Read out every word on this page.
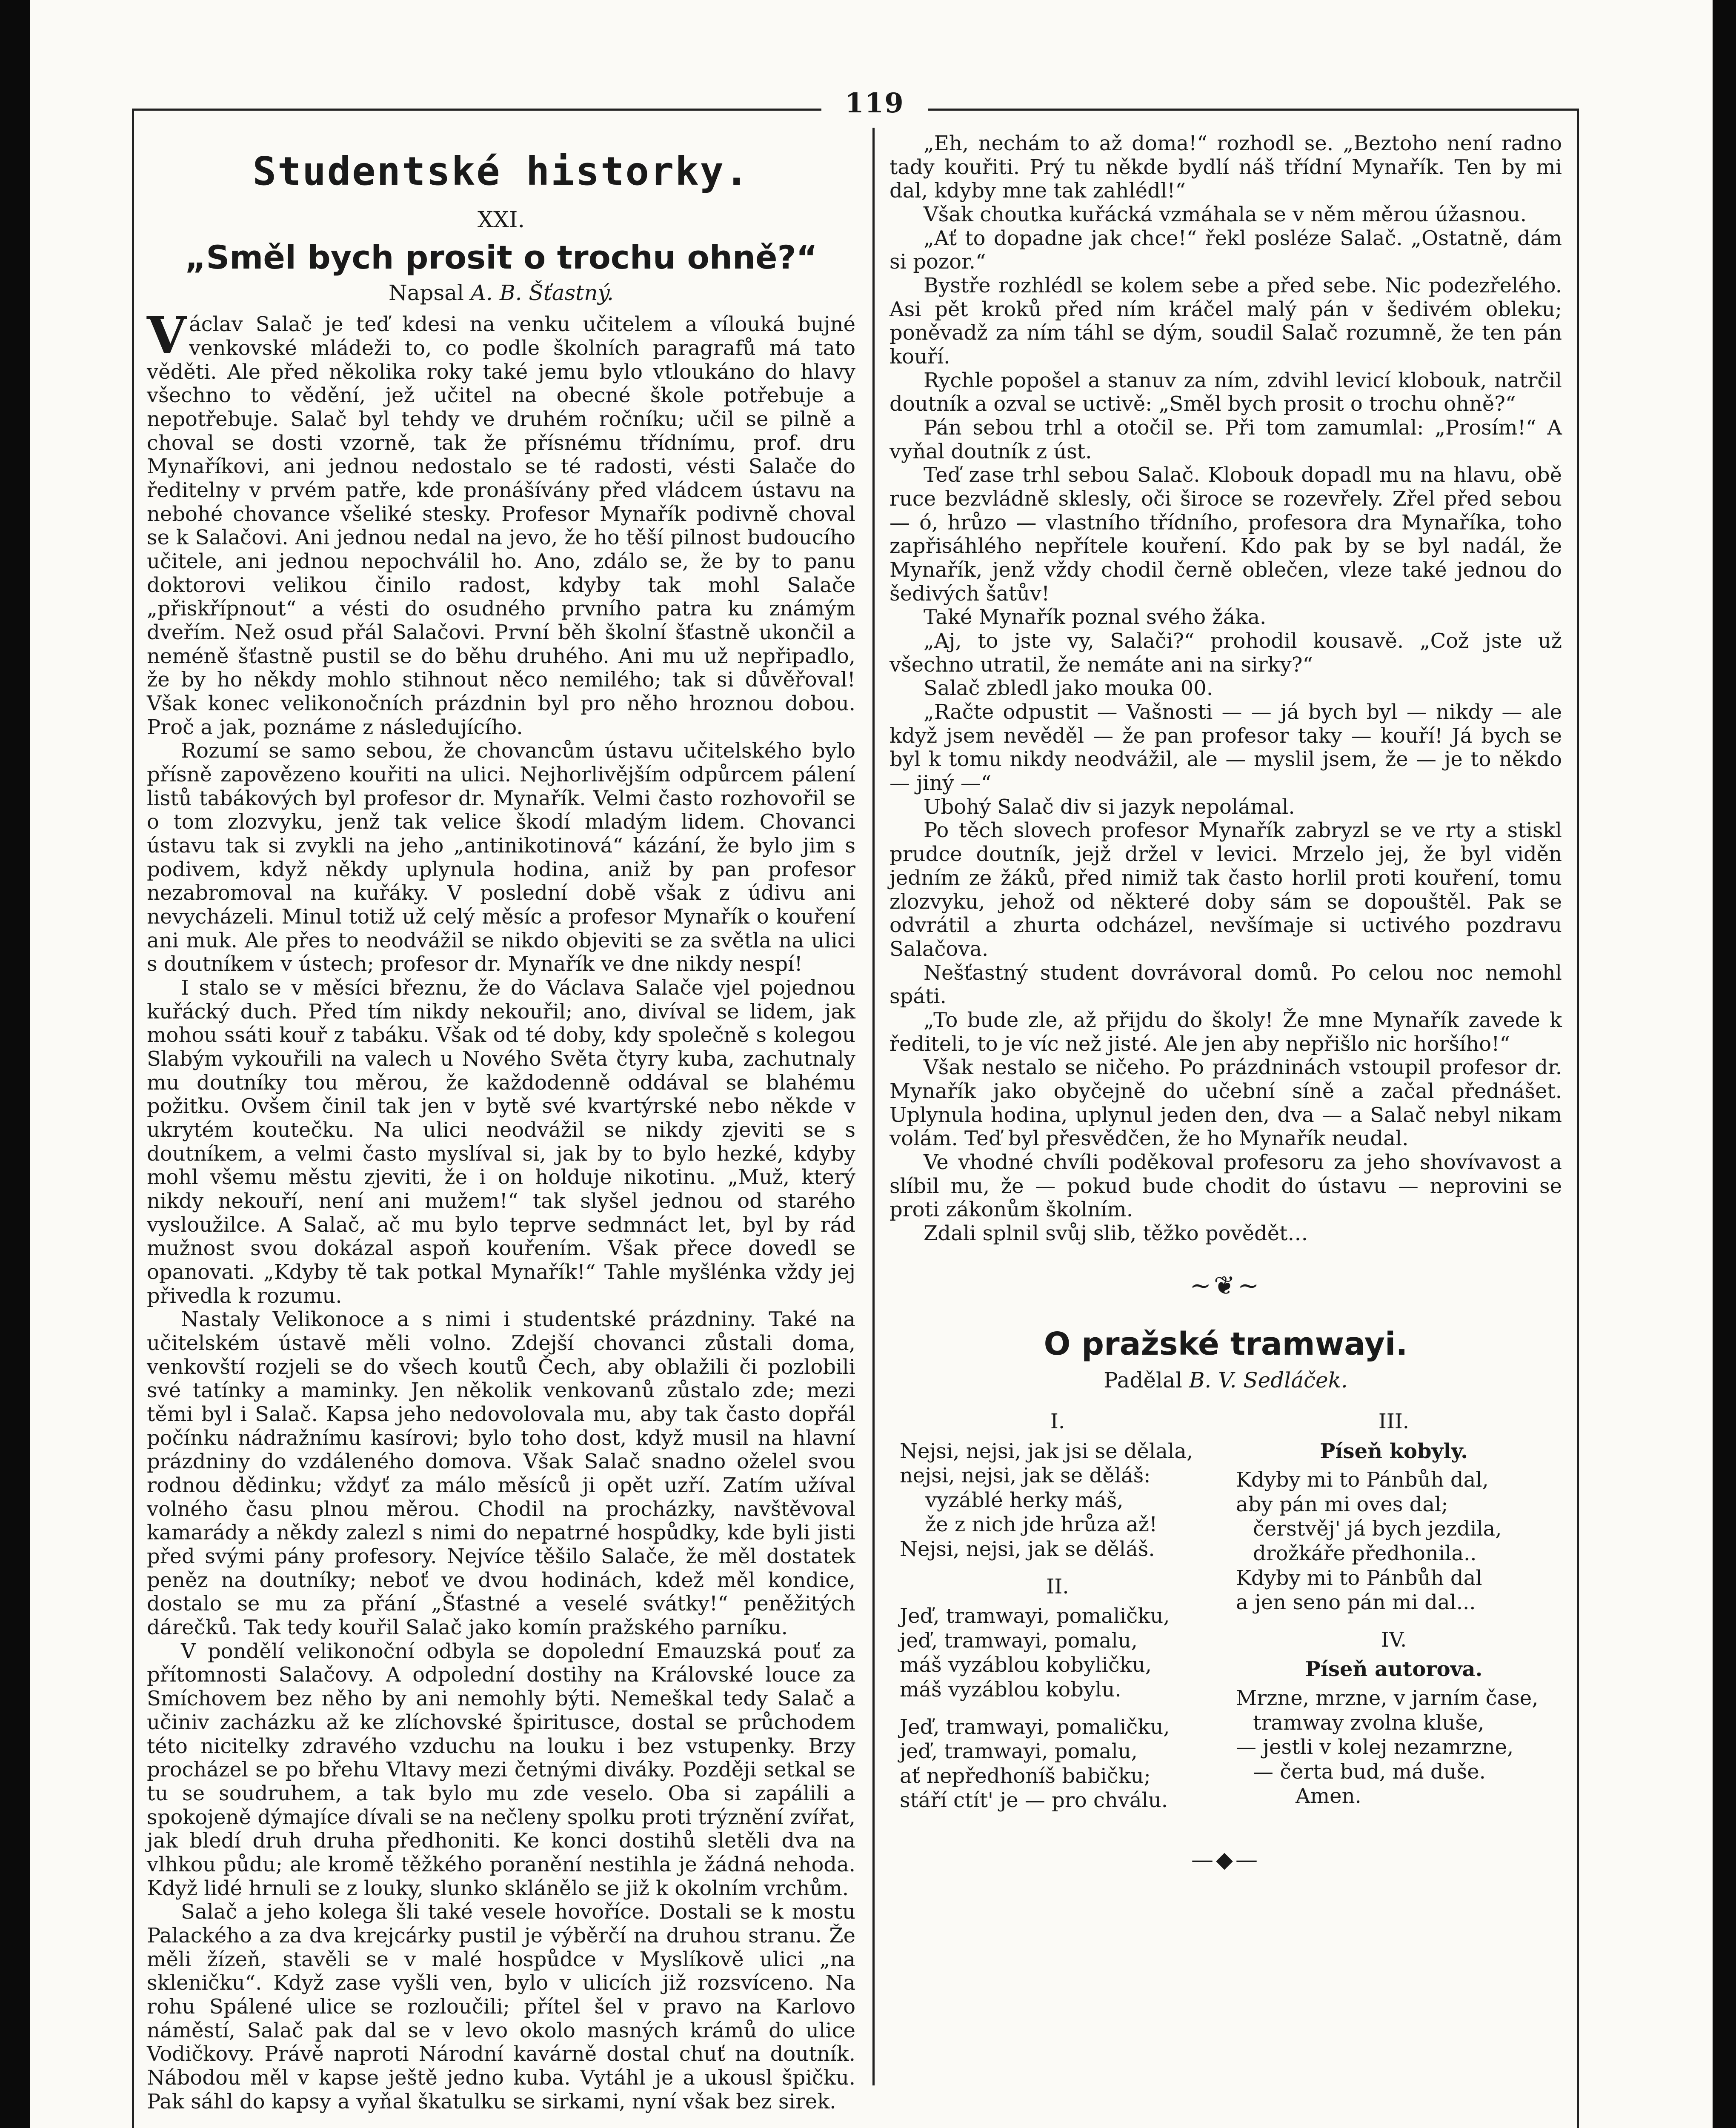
119
Studentské historky.
XXI.
„Směl bych prosit o trochu ohně?“
Napsal A. B. Šťastný.

Václav Salač je teď kdesi na venku učitelem a vílouká bujné venkovské mládeži to, co podle školních paragrafů má tato věděti. Ale před několika roky také jemu bylo vtloukáno do hlavy všechno to vědění, jež učitel na obecné škole potřebuje a nepotřebuje. Salač byl tehdy ve druhém ročníku; učil se pilně a choval se dosti vzorně, tak že přísnému třídnímu, prof. dru Mynaříkovi, ani jednou nedostalo se té radosti, vésti Salače do ředitelny v prvém patře, kde pronášívány před vládcem ústavu na nebohé chovance všeliké stesky. Profesor Mynařík podivně choval se k Salačovi. Ani jednou nedal na jevo, že ho těší pilnost budoucího učitele, ani jednou nepochválil ho. Ano, zdálo se, že by to panu doktorovi velikou činilo radost, kdyby tak mohl Salače „přiskřípnout“ a vésti do osudného prvního patra ku známým dveřím. Než osud přál Salačovi. První běh školní šťastně ukončil a neméně šťastně pustil se do běhu druhého. Ani mu už nepřipadlo, že by ho někdy mohlo stihnout něco nemilého; tak si důvěřoval! Však konec velikonočních prázdnin byl pro něho hroznou dobou. Proč a jak, poznáme z následujícího.

Rozumí se samo sebou, že chovancům ústavu učitelského bylo přísně zapovězeno kouřiti na ulici. Nejhorlivějším odpůrcem pálení listů tabákových byl profesor dr. Mynařík. Velmi často rozhovořil se o tom zlozvyku, jenž tak velice škodí mladým lidem. Chovanci ústavu tak si zvykli na jeho „antinikotinová“ kázání, že bylo jim s podivem, když někdy uplynula hodina, aniž by pan profesor nezabromoval na kuřáky. V poslední době však z údivu ani nevycházeli. Minul totiž už celý měsíc a profesor Mynařík o kouření ani muk. Ale přes to neodvážil se nikdo objeviti se za světla na ulici s doutníkem v ústech; profesor dr. Mynařík ve dne nikdy nespí!

I stalo se v měsíci březnu, že do Václava Salače vjel pojednou kuřácký duch. Před tím nikdy nekouřil; ano, divíval se lidem, jak mohou ssáti kouř z tabáku. Však od té doby, kdy společně s kolegou Slabým vykouřili na valech u Nového Světa čtyry kuba, zachutnaly mu doutníky tou měrou, že každodenně oddával se blahému požitku. Ovšem činil tak jen v bytě své kvartýrské nebo někde v ukrytém koutečku. Na ulici neodvážil se nikdy zjeviti se s doutníkem, a velmi často myslíval si, jak by to bylo hezké, kdyby mohl všemu městu zjeviti, že i on holduje nikotinu. „Muž, který nikdy nekouří, není ani mužem!“ tak slyšel jednou od starého vysloužilce. A Salač, ač mu bylo teprve sedmnáct let, byl by rád mužnost svou dokázal aspoň kouřením. Však přece dovedl se opanovati. „Kdyby tě tak potkal Mynařík!“ Tahle myšlénka vždy jej přivedla k rozumu.

Nastaly Velikonoce a s nimi i studentské prázdniny. Také na učitelském ústavě měli volno. Zdejší chovanci zůstali doma, venkovští rozjeli se do všech koutů Čech, aby oblažili či pozlobili své tatínky a maminky. Jen několik venkovanů zůstalo zde; mezi těmi byl i Salač. Kapsa jeho nedovolovala mu, aby tak často dopřál počínku nádražnímu kasírovi; bylo toho dost, když musil na hlavní prázdniny do vzdáleného domova. Však Salač snadno oželel svou rodnou dědinku; vždyť za málo měsíců ji opět uzří. Zatím užíval volného času plnou měrou. Chodil na procházky, navštěvoval kamarády a někdy zalezl s nimi do nepatrné hospůdky, kde byli jisti před svými pány profesory. Nejvíce těšilo Salače, že měl dostatek peněz na doutníky; neboť ve dvou hodinách, kdež měl kondice, dostalo se mu za přání „Šťastné a veselé svátky!“ peněžitých dárečků. Tak tedy kouřil Salač jako komín pražského parníku.

V pondělí velikonoční odbyla se dopolední Emauzská pouť za přítomnosti Salačovy. A odpolední dostihy na Královské louce za Smíchovem bez něho by ani nemohly býti. Nemeškal tedy Salač a učiniv zacházku až ke zlíchovské špiritusce, dostal se průchodem této nicitelky zdravého vzduchu na louku i bez vstupenky. Brzy procházel se po břehu Vltavy mezi četnými diváky. Později setkal se tu se soudruhem, a tak bylo mu zde veselo. Oba si zapálili a spokojeně dýmajíce dívali se na nečleny spolku proti trýznění zvířat, jak bledí druh druha předhoniti. Ke konci dostihů sletěli dva na vlhkou půdu; ale kromě těžkého poranění nestihla je žádná nehoda. Když lidé hrnuli se z louky, slunko sklánělo se již k okolním vrchům.

Salač a jeho kolega šli také vesele hovoříce. Dostali se k mostu Palackého a za dva krejcárky pustil je výběrčí na druhou stranu. Že měli žízeň, stavěli se v malé hospůdce v Myslíkově ulici „na skleničku“. Když zase vyšli ven, bylo v ulicích již rozsvíceno. Na rohu Spálené ulice se rozloučili; přítel šel v pravo na Karlovo náměstí, Salač pak dal se v levo okolo masných krámů do ulice Vodičkovy. Právě naproti Národní kavárně dostal chuť na doutník. Nábodou měl v kapse ještě jedno kuba. Vytáhl je a ukousl špičku. Pak sáhl do kapsy a vyňal škatulku se sirkami, nyní však bez sirek.

„Eh, nechám to až doma!“ rozhodl se. „Beztoho není radno tady kouřiti. Prý tu někde bydlí náš třídní Mynařík. Ten by mi dal, kdyby mne tak zahlédl!“

Však choutka kuřácká vzmáhala se v něm měrou úžasnou.

„Ať to dopadne jak chce!“ řekl posléze Salač. „Ostatně, dám si pozor.“

Bystře rozhlédl se kolem sebe a před sebe. Nic podezřelého. Asi pět kroků před ním kráčel malý pán v šedivém obleku; poněvadž za ním táhl se dým, soudil Salač rozumně, že ten pán kouří.

Rychle popošel a stanuv za ním, zdvihl levicí klobouk, natrčil doutník a ozval se uctivě: „Směl bych prosit o trochu ohně?“

Pán sebou trhl a otočil se. Při tom zamumlal: „Prosím!“ A vyňal doutník z úst.

Teď zase trhl sebou Salač. Klobouk dopadl mu na hlavu, obě ruce bezvládně sklesly, oči široce se rozevřely. Zřel před sebou — ó, hrůzo — vlastního třídního, profesora dra Mynaříka, toho zapřisáhlého nepřítele kouření. Kdo pak by se byl nadál, že Mynařík, jenž vždy chodil černě oblečen, vleze také jednou do šedivých šatův!

Také Mynařík poznal svého žáka.

„Aj, to jste vy, Salači?“ prohodil kousavě. „Což jste už všechno utratil, že nemáte ani na sirky?“

Salač zbledl jako mouka 00.

„Račte odpustit — Vašnosti — — já bych byl — nikdy — ale když jsem nevěděl — že pan profesor taky — kouří! Já bych se byl k tomu nikdy neodvážil, ale — myslil jsem, že — je to někdo — jiný —“

Ubohý Salač div si jazyk nepolámal.

Po těch slovech profesor Mynařík zabryzl se ve rty a stiskl prudce doutník, jejž držel v levici. Mrzelo jej, že byl viděn jedním ze žáků, před nimiž tak často horlil proti kouření, tomu zlozvyku, jehož od některé doby sám se dopouštěl. Pak se odvrátil a zhurta odcházel, nevšímaje si uctivého pozdravu Salačova.

Nešťastný student dovrávoral domů. Po celou noc nemohl spáti.

„To bude zle, až přijdu do školy! Že mne Mynařík zavede k řediteli, to je víc než jisté. Ale jen aby nepřišlo nic horšího!“

Však nestalo se ničeho. Po prázdninách vstoupil profesor dr. Mynařík jako obyčejně do učební síně a začal přednášet. Uplynula hodina, uplynul jeden den, dva — a Salač nebyl nikam volám. Teď byl přesvědčen, že ho Mynařík neudal.

Ve vhodné chvíli poděkoval profesoru za jeho shovívavost a slíbil mu, že — pokud bude chodit do ústavu — neprovini se proti zákonům školním.

Zdali splnil svůj slib, těžko povědět…

~❦~
O pražské tramwayi.
Padělal B. V. Sedláček.
I.
Nejsi, nejsi, jak jsi se dělala,
nejsi, nejsi, jak se děláš:
vyzáblé herky máš,
že z nich jde hrůza až!
Nejsi, nejsi, jak se děláš.
II.
Jeď, tramwayi, pomaličku,
jeď, tramwayi, pomalu,
máš vyzáblou kobyličku,
máš vyzáblou kobylu.
Jeď, tramwayi, pomaličku,
jeď, tramwayi, pomalu,
ať nepředhoníš babičku;
stáří ctít' je — pro chválu.
III.
Píseň kobyly.
Kdyby mi to Pánbůh dal,
aby pán mi oves dal;
čerstvěj' já bych jezdila,
drožkáře předhonila..
Kdyby mi to Pánbůh dal
a jen seno pán mi dal...
IV.
Píseň autorova.
Mrzne, mrzne, v jarním čase,
tramway zvolna kluše,
— jestli v kolej nezamrzne,
— čerta bud, má duše.
Amen.
—◆—
